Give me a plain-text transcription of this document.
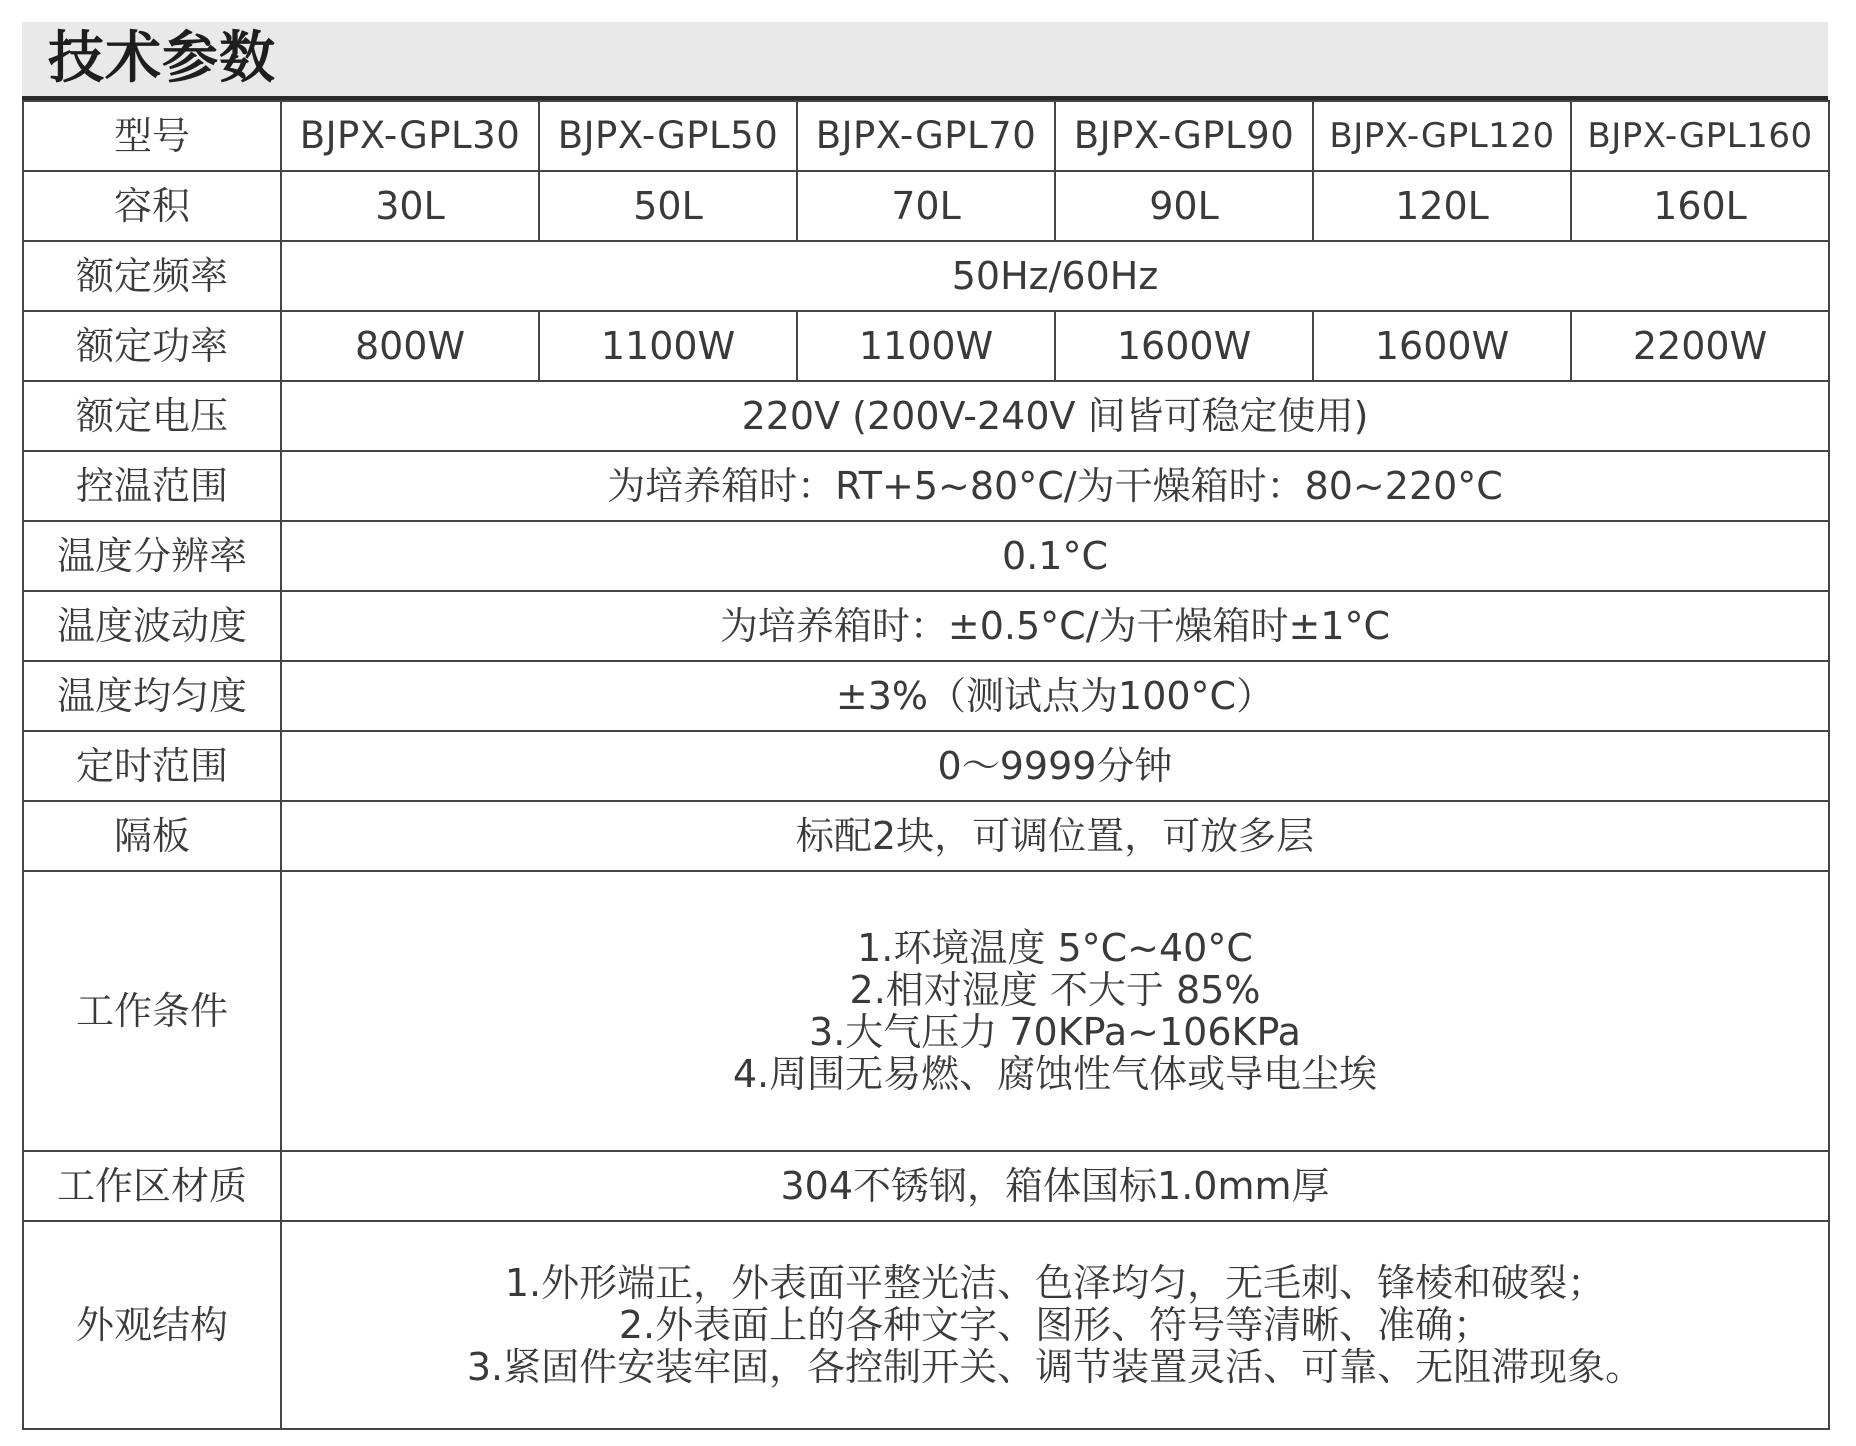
技术参数
型号	BJPX-GPL30	BJPX-GPL50	BJPX-GPL70	BJPX-GPL90	BJPX-GPL120	BJPX-GPL160
容积	30L	50L	70L	90L	120L	160L
额定频率	50Hz/60Hz					
额定功率	800W	1100W	1100W	1600W	1600W	2200W
额定电压	220V (200V-240V 间皆可稳定使用)					
控温范围	为培养箱时：RT+5~80°C/为干燥箱时：80~220°C					
温度分辨率	0.1°C					
温度波动度	为培养箱时：±0.5°C/为干燥箱时±1°C					
温度均匀度	±3%（测试点为100°C）					
定时范围	0～9999分钟					
隔板	标配2块，可调位置，可放多层					
工作条件	1.环境温度 5°C~40°C
2.相对湿度 不大于 85%
3.大气压力 70KPa~106KPa
4.周围无易燃、腐蚀性气体或导电尘埃					

工作区材质	304不锈钢，箱体国标1.0mm厚					
外观结构	1.外形端正，外表面平整光洁、色泽均匀，无毛刺、锋棱和破裂；
2.外表面上的各种文字、图形、符号等清晰、准确；
3.紧固件安装牢固，各控制开关、调节装置灵活、可靠、无阻滞现象。					
